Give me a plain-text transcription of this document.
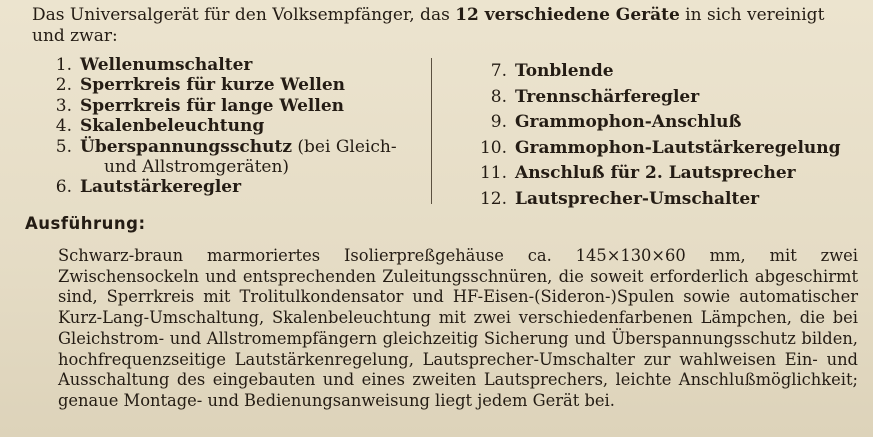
Das Universalgerät für den Volksempfänger, das 12 verschiedene Geräte in sich vereinigt und zwar:
1. Wellenumschalter
2. Sperrkreis für kurze Wellen
3. Sperrkreis für lange Wellen
4. Skalenbeleuchtung
5. Überspannungsschutz (bei Gleich-
und Allstromgeräten)
6. Lautstärkeregler
7. Tonblende
8. Trennschärferegler
9. Grammophon-Anschluß
10. Grammophon-Lautstärkeregelung
11. Anschluß für 2. Lautsprecher
12. Lautsprecher-Umschalter
Ausführung:
Schwarz-braun marmoriertes Isolierpreßgehäuse ca. 145×130×60 mm, mit zwei Zwischensockeln und entsprechenden Zuleitungsschnüren, die soweit erforderlich abgeschirmt sind, Sperrkreis mit Trolitulkondensator und HF-Eisen-(Sideron-)Spulen sowie automatischer Kurz-Lang-Umschaltung, Skalenbeleuchtung mit zwei verschiedenfarbenen Lämpchen, die bei Gleichstrom- und Allstromempfängern gleichzeitig Sicherung und Überspannungsschutz bilden, hochfrequenzseitige Lautstärkenregelung, Lautsprecher-Umschalter zur wahlweisen Ein- und Ausschaltung des eingebauten und eines zweiten Lautsprechers, leichte Anschlußmöglichkeit; genaue Montage- und Bedienungsanweisung liegt jedem Gerät bei.
